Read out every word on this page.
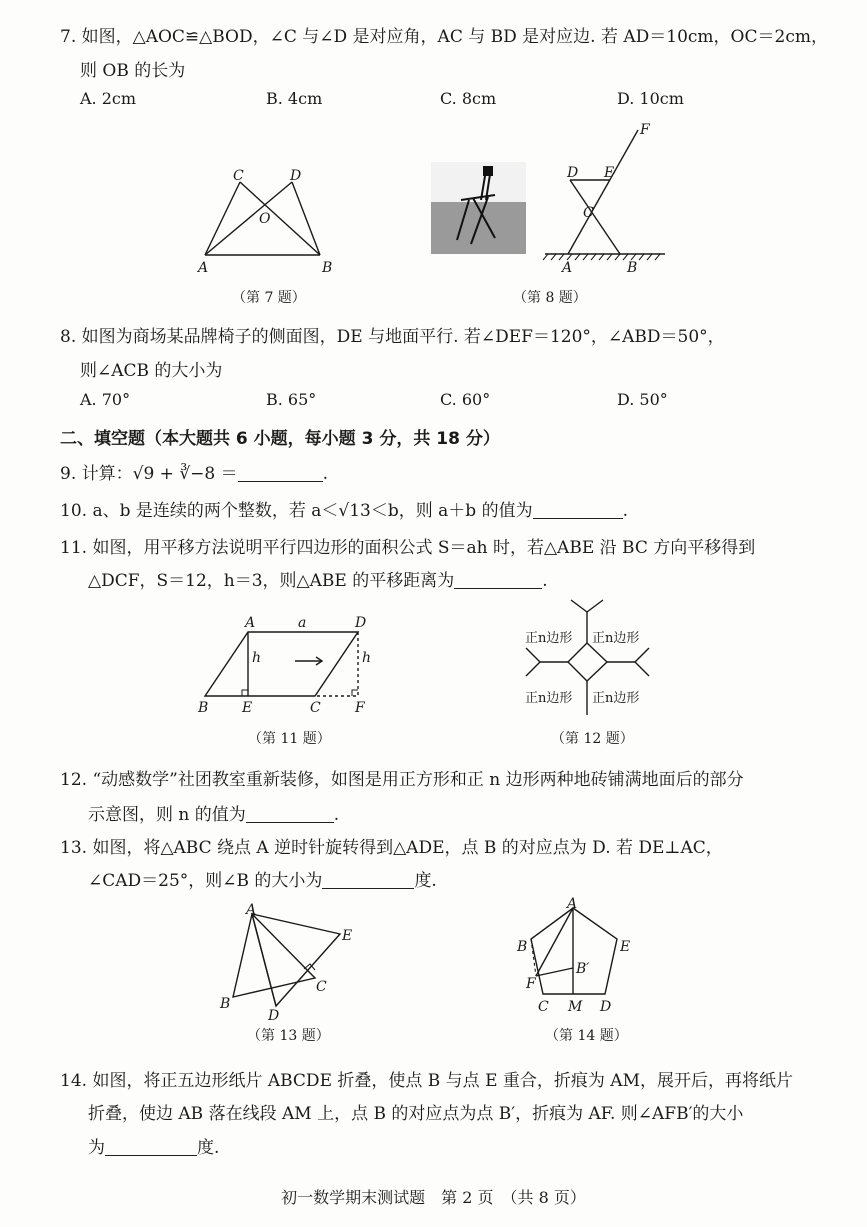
7. 如图，△AOC≌△BOD，∠C 与∠D 是对应角，AC 与 BD 是对应边. 若 AD＝10cm，OC＝2cm，
则 OB 的长为
A. 2cm	B. 4cm	C. 8cm	D. 10cm
C	D
O
A	B
（第 7 题）
F
D E
C
A	B
（第 8 题）
8. 如图为商场某品牌椅子的侧面图，DE 与地面平行. 若∠DEF＝120°，∠ABD＝50°，
则∠ACB 的大小为
A. 70°	B. 65°	C. 60°	D. 50°
二、填空题（本大题共 6 小题，每小题 3 分，共 18 分）
9. 计算：√9 + ∛−8 ＝	.
10. a、b 是连续的两个整数，若 a＜√13＜b，则 a＋b 的值为	.
11. 如图，用平移方法说明平行四边形的面积公式 S＝ah 时，若△ABE 沿 BC 方向平移得到
△DCF，S＝12，h＝3，则△ABE 的平移距离为	.
A	a	D
h	h
B E	C F
（第 11 题）
正n边形 正n边形
正n边形 正n边形
（第 12 题）
12. “动感数学”社团教室重新装修，如图是用正方形和正 n 边形两种地砖铺满地面后的部分
示意图，则 n 的值为	.
13. 如图，将△ABC 绕点 A 逆时针旋转得到△ADE，点 B 的对应点为 D. 若 DE⊥AC，
∠CAD＝25°，则∠B 的大小为	度.
A
E
B
D
C
（第 13 题）
A
B	E
B′
F
C M D
（第 14 题）
14. 如图，将正五边形纸片 ABCDE 折叠，使点 B 与点 E 重合，折痕为 AM，展开后，再将纸片
折叠，使边 AB 落在线段 AM 上，点 B 的对应点为点 B′，折痕为 AF. 则∠AFB′的大小
为	度.
初一数学期末测试题　第 2 页　（共 8 页）
